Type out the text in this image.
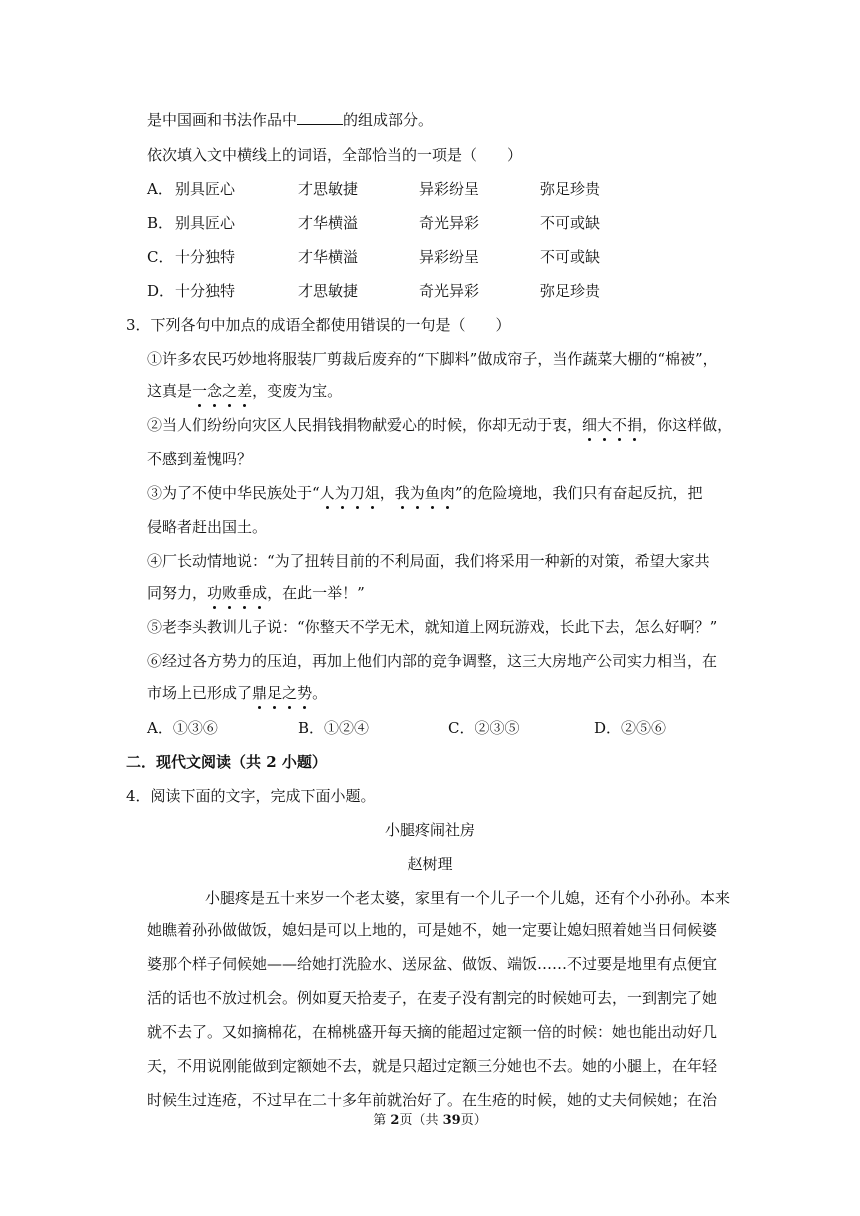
是中国画和书法作品中	的组成部分。
依次填入文中横线上的词语，全部恰当的一项是（　　）
A． 别具匠心	才思敏捷	异彩纷呈	弥足珍贵
B． 别具匠心	才华横溢	奇光异彩	不可或缺
C． 十分独特	才华横溢	异彩纷呈	不可或缺
D． 十分独特	才思敏捷	奇光异彩	弥足珍贵
3．下列各句中加点的成语全都使用错误的一句是（　　）
①许多农民巧妙地将服装厂剪裁后废弃的“下脚料”做成帘子，当作蔬菜大棚的“棉被”，
这真是一念之差，变废为宝。
②当人们纷纷向灾区人民捐钱捐物献爱心的时候，你却无动于衷，细大不捐，你这样做，
不感到羞愧吗？
③为了不使中华民族处于“人为刀俎，我为鱼肉”的危险境地，我们只有奋起反抗，把
侵略者赶出国土。
④厂长动情地说：“为了扭转目前的不利局面，我们将采用一种新的对策，希望大家共
同努力，功败垂成，在此一举！”
⑤老李头教训儿子说：“你整天不学无术，就知道上网玩游戏，长此下去，怎么好啊？”
⑥经过各方势力的压迫，再加上他们内部的竞争调整，这三大房地产公司实力相当，在
市场上已形成了鼎足之势。
A．①③⑥	B．①②④	C．②③⑤	D．②⑤⑥
二．现代文阅读（共 2 小题）
4．阅读下面的文字，完成下面小题。
小腿疼闹社房
赵树理
小腿疼是五十来岁一个老太婆，家里有一个儿子一个儿媳，还有个小孙孙。本来
她瞧着孙孙做做饭，媳妇是可以上地的，可是她不，她一定要让媳妇照着她当日伺候婆
婆那个样子伺候她——给她打洗脸水、送尿盆、做饭、端饭……不过要是地里有点便宜
活的话也不放过机会。例如夏天拾麦子，在麦子没有割完的时候她可去，一到割完了她
就不去了。又如摘棉花，在棉桃盛开每天摘的能超过定额一倍的时候：她也能出动好几
天，不用说刚能做到定额她不去，就是只超过定额三分她也不去。她的小腿上，在年轻
时候生过连疮，不过早在二十多年前就治好了。在生疮的时候，她的丈夫伺候她；在治
第 2页（共 39页）
